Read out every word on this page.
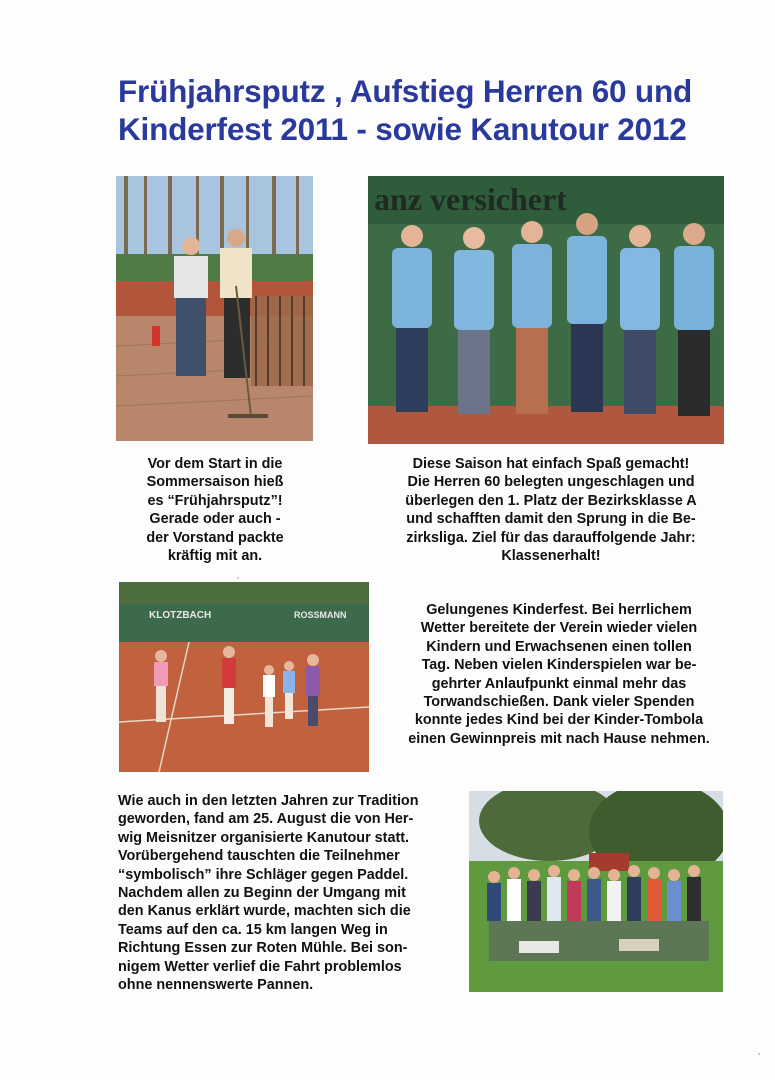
Frühjahrsputz , Aufstieg Herren 60 und
Kinderfest 2011 - sowie Kanutour 2012
anz versichert

Vor dem Start in die
Sommersaison hieß
es “Frühjahrsputz”!
Gerade oder auch -
der Vorstand packte
kräftig mit an.

Diese Saison hat einfach Spaß gemacht!
Die Herren 60 belegten ungeschlagen und
überlegen den 1. Platz der Bezirksklasse A
und schafften damit den Sprung in die Be-
zirksliga. Ziel für das darauffolgende Jahr:
Klassenerhalt!

KLOTZBACH	ROSSMANN	Gelungenes Kinderfest. Bei herrlichem
Wetter bereitete der Verein wieder vielen
Kindern und Erwachsenen einen tollen
Tag. Neben vielen Kinderspielen war be-
gehrter Anlaufpunkt einmal mehr das
Torwandschießen. Dank vieler Spenden
konnte jedes Kind bei der Kinder-Tombola
einen Gewinnpreis mit nach Hause nehmen.

Wie auch in den letzten Jahren zur Tradition
geworden, fand am 25. August die von Her-
wig Meisnitzer organisierte Kanutour statt.
Vorübergehend tauschten die Teilnehmer
“symbolisch” ihre Schläger gegen Paddel.
Nachdem allen zu Beginn der Umgang mit
den Kanus erklärt wurde, machten sich die
Teams auf den ca. 15 km langen Weg in
Richtung Essen zur Roten Mühle. Bei son-
nigem Wetter verlief die Fahrt problemlos
ohne nennenswerte Pannen.
